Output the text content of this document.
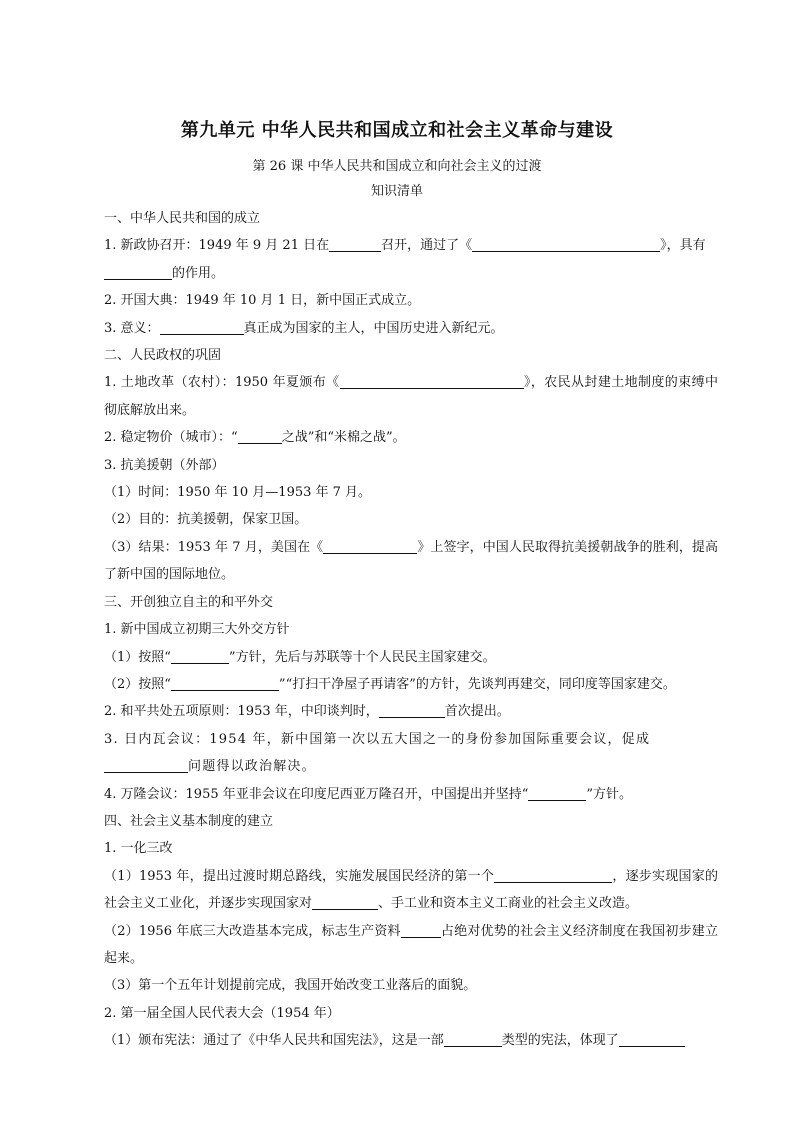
第九单元 中华人民共和国成立和社会主义革命与建设
第 26 课 中华人民共和国成立和向社会主义的过渡
知识清单

一、中华人民共和国的成立

1. 新政协召开：1949 年 9 月 21 日在	召开，通过了《	》，具有
的作用。

2. 开国大典：1949 年 10 月 1 日，新中国正式成立。

3. 意义：	真正成为国家的主人，中国历史进入新纪元。

二、人民政权的巩固

1. 土地改革（农村）：1950 年夏颁布《	》，农民从封建土地制度的束缚中彻底解放出来。

2. 稳定物价（城市）：“	之战”和“米棉之战”。

3. 抗美援朝（外部）

（1）时间：1950 年 10 月—1953 年 7 月。

（2）目的：抗美援朝，保家卫国。

（3）结果：1953 年 7 月，美国在《	》上签字，中国人民取得抗美援朝战争的胜利，提高了新中国的国际地位。

三、开创独立自主的和平外交

1. 新中国成立初期三大外交方针

（1）按照“	”方针，先后与苏联等十个人民民主国家建交。

（2）按照“	”“打扫干净屋子再请客”的方针，先谈判再建交，同印度等国家建交。

2. 和平共处五项原则：1953 年，中印谈判时，	首次提出。

3. 日内瓦会议：1954 年，新中国第一次以五大国之一的身份参加国际重要会议，促成
问题得以政治解决。

4. 万隆会议：1955 年亚非会议在印度尼西亚万隆召开，中国提出并坚持“	”方针。

四、社会主义基本制度的建立

1. 一化三改

（1）1953 年，提出过渡时期总路线，实施发展国民经济的第一个	，逐步实现国家的社会主义工业化，并逐步实现国家对	、手工业和资本主义工商业的社会主义改造。

（2）1956 年底三大改造基本完成，标志生产资料	占绝对优势的社会主义经济制度在我国初步建立起来。

（3）第一个五年计划提前完成，我国开始改变工业落后的面貌。

2. 第一届全国人民代表大会（1954 年）

（1）颁布宪法：通过了《中华人民共和国宪法》，这是一部	类型的宪法，体现了
